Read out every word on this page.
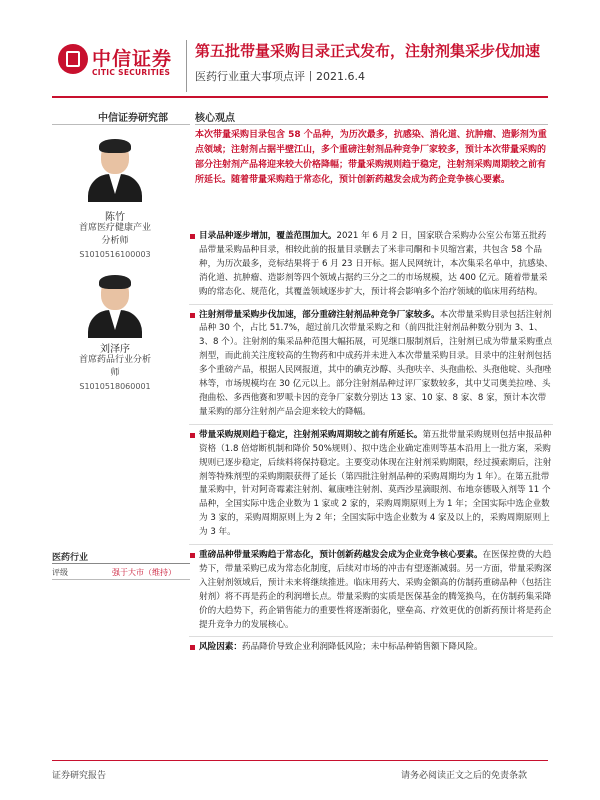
中信证券
CITIC SECURITIES
第五批带量采购目录正式发布，注射剂集采步伐加速
医药行业重大事项点评丨2021.6.4
中信证券研究部	核心观点
本次带量采购目录包含 58 个品种，为历次最多，抗感染、消化道、抗肿瘤、造影剂为重点领域；注射剂占据半壁江山，多个重磅注射剂品种竞争厂家较多，预计本次带量采购的部分注射剂产品将迎来较大价格降幅；带量采购规则趋于稳定，注射剂采购周期较之前有所延长。随着带量采购趋于常态化，预计创新药越发会成为药企竞争核心要素。
陈竹
首席医疗健康产业
分析师
S1010516100003
刘泽序
首席药品行业分析
师
S1010518060001
医药行业
评级	强于大市（维持）
目录品种逐步增加，覆盖范围加大。2021 年 6 月 2 日，国家联合采购办公室公布第五批药品带量采购品种目录，相较此前的报量目录删去了米非司酮和卡贝缩宫素，共包含 58 个品种，为历次最多，竞标结果将于 6 月 23 日开标。据人民网统计，本次集采名单中，抗感染、消化道、抗肿瘤、造影剂等四个领域占据约三分之二的市场规模，达 400 亿元。随着带量采购的常态化、规范化，其覆盖领域逐步扩大，预计将会影响多个治疗领域的临床用药结构。
注射剂带量采购步伐加速，部分重磅注射剂品种竞争厂家较多。本次带量采购目录包括注射剂品种 30 个，占比 51.7%，超过前几次带量采购之和（前四批注射剂品种数分别为 3、1、3、8 个）。注射剂的集采品种范围大幅拓展，可见继口服制剂后，注射剂已成为带量采购重点剂型，而此前关注度较高的生物药和中成药并未进入本次带量采购目录。目录中的注射剂包括多个重磅产品，根据人民网报道，其中的碘克沙醇、头孢呋辛、头孢曲松、头孢他啶、头孢唑林等，市场规模均在 30 亿元以上。部分注射剂品种过评厂家数较多，其中艾司奥美拉唑、头孢曲松、多西他赛和罗哌卡因的竞争厂家数分别达 13 家、10 家、8 家、8 家，预计本次带量采购的部分注射剂产品会迎来较大的降幅。
带量采购规则趋于稳定，注射剂采购周期较之前有所延长。第五批带量采购规则包括申报品种资格（1.8 倍熔断机制和降价 50%规则）、拟中选企业确定准则等基本沿用上一批方案，采购规则已逐步稳定，后续料将保持稳定。主要变动体现在注射剂采购期限，经过摸索期后，注射剂等特殊剂型的采购期限获得了延长（第四批注射剂品种的采购周期均为 1 年）。在第五批带量采购中，针对阿奇霉素注射剂、氟康唑注射剂、莫西沙星滴眼剂、布地奈德吸入剂等 11 个品种，全国实际中选企业数为 1 家或 2 家的，采购周期原则上为 1 年；全国实际中选企业数为 3 家的，采购周期原则上为 2 年；全国实际中选企业数为 4 家及以上的，采购周期原则上为 3 年。
重磅品种带量采购趋于常态化，预计创新药越发会成为企业竞争核心要素。在医保控费的大趋势下，带量采购已成为常态化制度，后续对市场的冲击有望逐渐减弱。另一方面，带量采购深入注射剂领域后，预计未来将继续推进。临床用药大、采购金额高的仿制药重磅品种（包括注射剂）将不再是药企的利润增长点。带量采购的实质是医保基金的腾笼换鸟，在仿制药集采降价的大趋势下，药企销售能力的重要性将逐渐弱化，壁垒高、疗效更优的创新药预计将是药企提升竞争力的发展核心。
风险因素：药品降价导致企业利润降低风险；未中标品种销售额下降风险。
证券研究报告	请务必阅读正文之后的免责条款
